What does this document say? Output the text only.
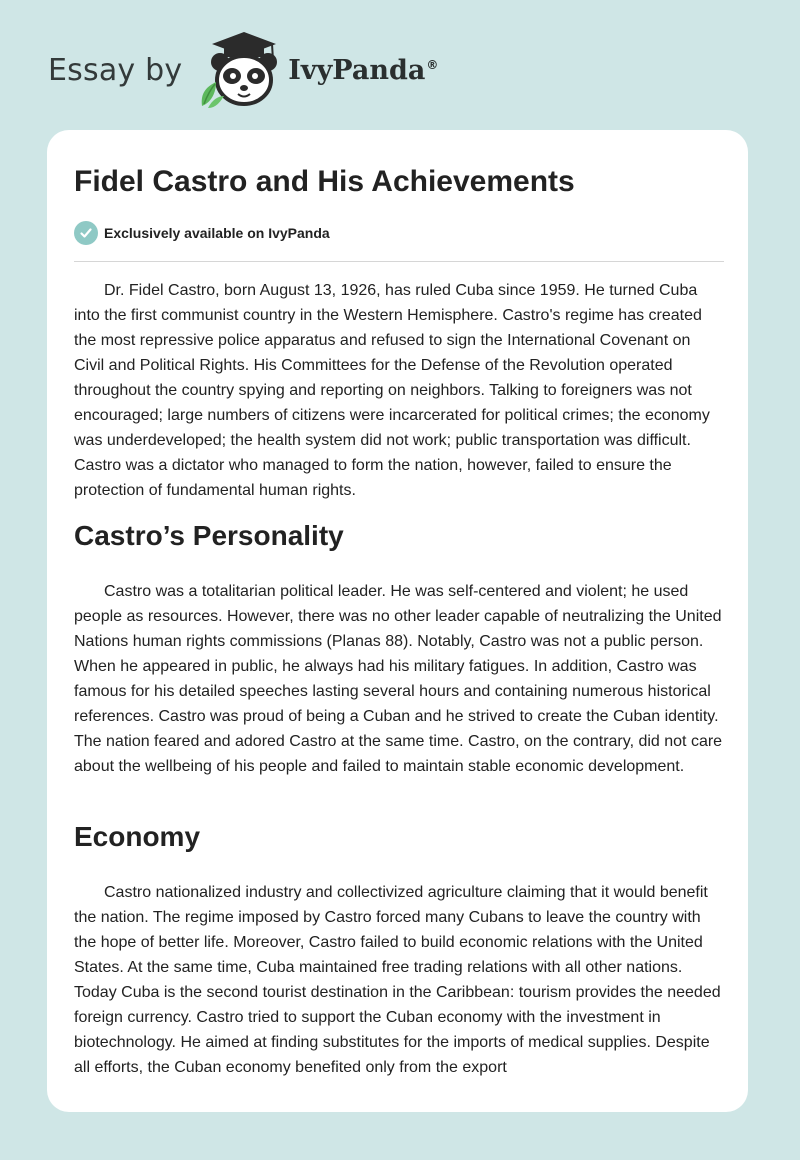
Essay by	IvyPanda®
Fidel Castro and His Achievements
Exclusively available on IvyPanda

Dr. Fidel Castro, born August 13, 1926, has ruled Cuba since 1959. He turned Cuba into the first communist country in the Western Hemisphere. Castro's regime has created the most repressive police apparatus and refused to sign the International Covenant on Civil and Political Rights. His Committees for the Defense of the Revolution operated throughout the country spying and reporting on neighbors. Talking to foreigners was not encouraged; large numbers of citizens were incarcerated for political crimes; the economy was underdeveloped; the health system did not work; public transportation was difficult. Castro was a dictator who managed to form the nation, however, failed to ensure the protection of fundamental human rights.

Castro’s Personality

Castro was a totalitarian political leader. He was self-centered and violent; he used people as resources. However, there was no other leader capable of neutralizing the United Nations human rights commissions (Planas 88). Notably, Castro was not a public person. When he appeared in public, he always had his military fatigues. In addition, Castro was famous for his detailed speeches lasting several hours and containing numerous historical references. Castro was proud of being a Cuban and he strived to create the Cuban identity. The nation feared and adored Castro at the same time. Castro, on the contrary, did not care about the wellbeing of his people and failed to maintain stable economic development.

Economy

Castro nationalized industry and collectivized agriculture claiming that it would benefit the nation. The regime imposed by Castro forced many Cubans to leave the country with the hope of better life. Moreover, Castro failed to build economic relations with the United States. At the same time, Cuba maintained free trading relations with all other nations. Today Cuba is the second tourist destination in the Caribbean: tourism provides the needed foreign currency. Castro tried to support the Cuban economy with the investment in biotechnology. He aimed at finding substitutes for the imports of medical supplies. Despite all efforts, the Cuban economy benefited only from the export
